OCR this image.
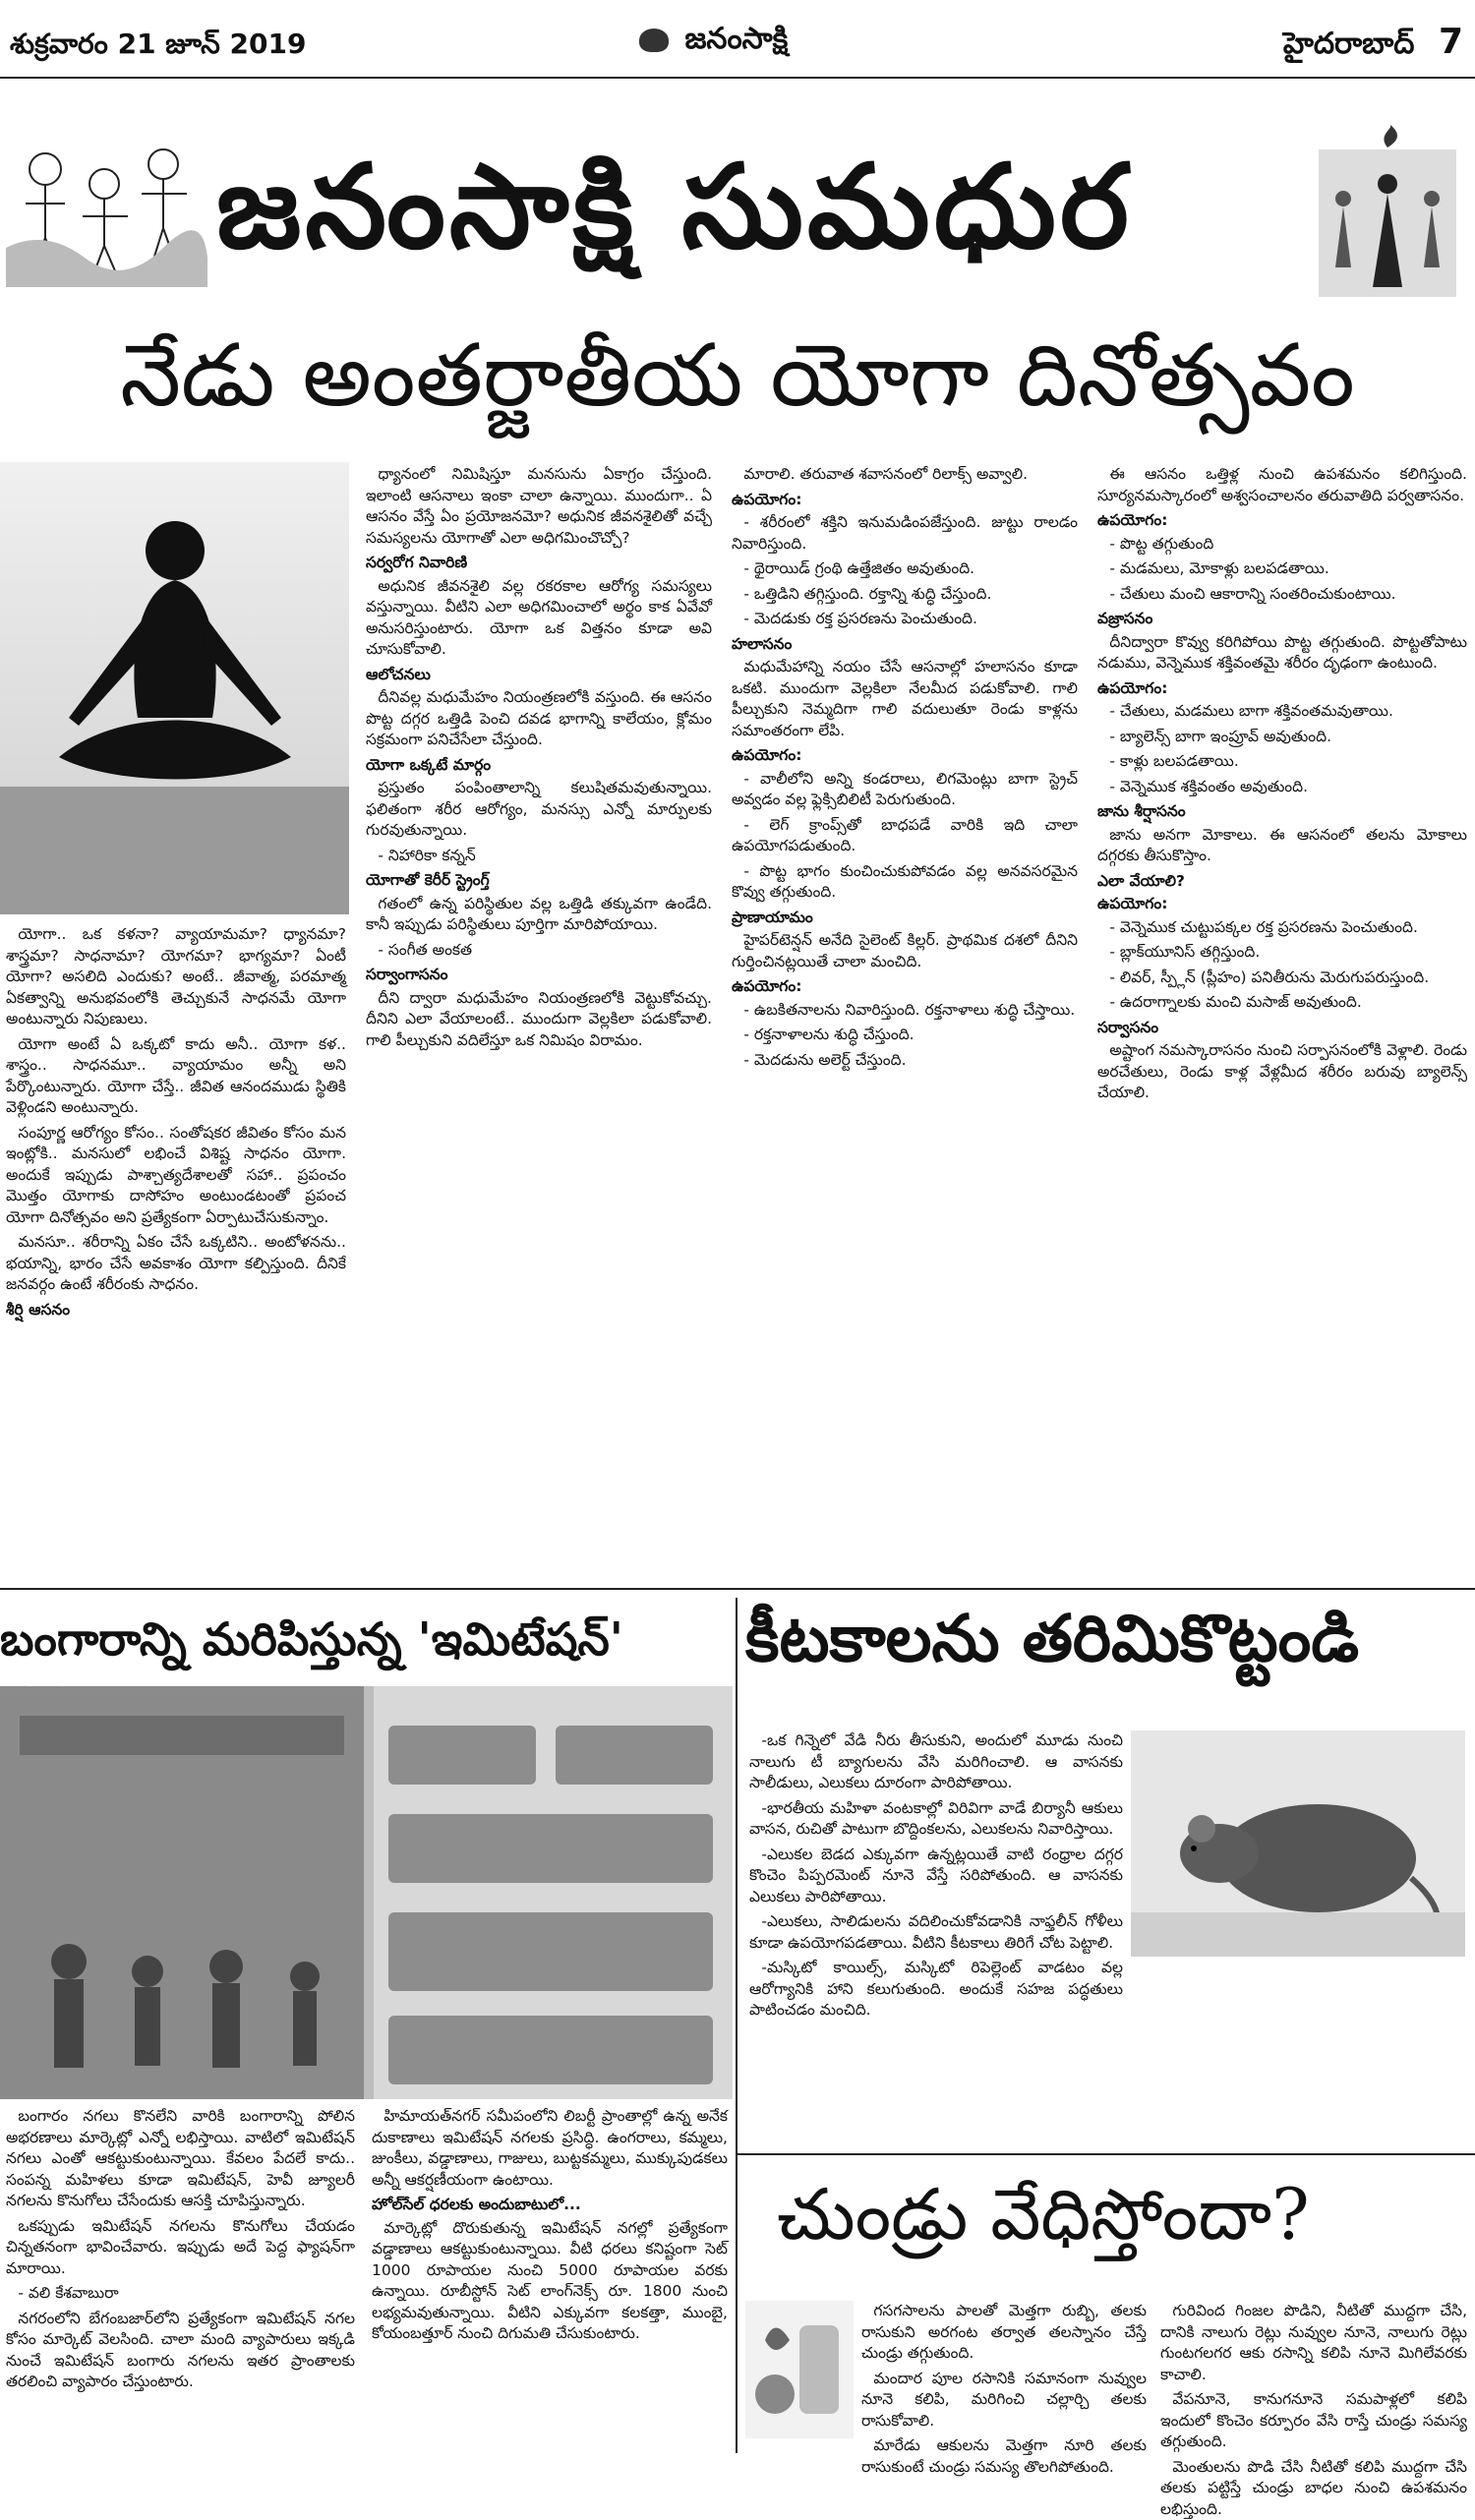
శుక్రవారం 21 జూన్ 2019	జనంసాక్షి	హైదరాబాద్ 7
జనంసాక్షి సుమధుర
నేడు అంతర్జాతీయ యోగా దినోత్సవం

యోగా.. ఒక కళనా? వ్యాయామమా? ధ్యానమా? శాస్త్రమా? సాధనామా? యోగమా? భాగ్యమా? ఏంటీ యోగా? అసలిది ఎందుకు? అంటే.. జీవాత్మ, పరమాత్మ ఏకత్వాన్ని అనుభవంలోకి తెచ్చుకునే సాధనమే యోగా అంటున్నారు నిపుణులు.

యోగా అంటే ఏ ఒక్కటో కాదు అనీ.. యోగా కళ.. శాస్త్రం.. సాధనమూ.. వ్యాయామం అన్నీ అని పేర్కొంటున్నారు. యోగా చేస్తే.. జీవిత ఆనందముడు స్థితికి వెళ్లిండని అంటున్నారు.

సంపూర్ణ ఆరోగ్యం కోసం.. సంతోషకర జీవితం కోసం మన ఇంట్లోకి.. మనసులో లభించే విశిష్ట సాధనం యోగా. అందుకే ఇప్పుడు పాశ్చాత్యదేశాలతో సహా.. ప్రపంచం మొత్తం యోగాకు దాసోహం అంటుండటంతో ప్రపంచ యోగా దినోత్సవం అని ప్రత్యేకంగా ఏర్పాటుచేసుకున్నాం.

మనసూ.. శరీరాన్ని ఏకం చేసే ఒక్కటిని.. అంటోళనను.. భయాన్ని, భారం చేసే అవకాశం యోగా కల్పిస్తుంది. దీనికే జనవర్గం ఉంటే శరీరంకు సాధనం.

శీర్షి ఆసనం

ధ్యానంలో నిమిషిస్తూ మనసును ఏకాగ్రం చేస్తుంది. ఇలాంటి ఆసనాలు ఇంకా చాలా ఉన్నాయి. ముందుగా.. ఏ ఆసనం వేస్తే ఏం ప్రయోజనమో? అధునిక జీవనశైలితో వచ్చే సమస్యలను యోగాతో ఎలా అధిగమించొచ్చో?

సర్వరోగ నివారిణి

అధునిక జీవనశైలి వల్ల రకరకాల ఆరోగ్య సమస్యలు వస్తున్నాయి. వీటిని ఎలా అధిగమించాలో అర్థం కాక ఏవేవో అనుసరిస్తుంటారు. యోగా ఒక విత్తనం కూడా అవి చూసుకోవాలి.

ఆలోచనలు

దీనివల్ల మధుమేహం నియంత్రణలోకి వస్తుంది. ఈ ఆసనం పొట్ట దగ్గర ఒత్తిడి పెంచి దవడ భాగాన్ని కాలేయం, క్లోమం సక్రమంగా పనిచేసేలా చేస్తుంది.

యోగా ఒక్కటే మార్గం

ప్రస్తుతం పంపింతాలాన్ని కలుషితమవుతున్నాయి. ఫలితంగా శరీర ఆరోగ్యం, మనస్సు ఎన్నో మార్పులకు గురవుతున్నాయి.

- నిహారికా కన్నన్

యోగాతో కెరీర్ స్ట్రెంగ్త్

గతంలో ఉన్న పరిస్థితుల వల్ల ఒత్తిడి తక్కువగా ఉండేది. కానీ ఇప్పుడు పరిస్థితులు పూర్తిగా మారిపోయాయి.

- సంగీత అంకత

సర్వాంగాసనం

దీని ద్వారా మధుమేహం నియంత్రణలోకి వెట్టుకోవచ్చు. దీనిని ఎలా వేయాలంటే.. ముందుగా వెల్లకిలా పడుకోవాలి. గాలి పీల్చుకుని వదిలేస్తూ ఒక నిమిషం విరామం.

మారాలి. తరువాత శవాసనంలో రిలాక్స్ అవ్వాలి.

ఉపయోగం:

- శరీరంలో శక్తిని ఇనుమడింపజేస్తుంది. జుట్టు రాలడం నివారిస్తుంది.

- థైరాయిడ్ గ్రంథి ఉత్తేజితం అవుతుంది.

- ఒత్తిడిని తగ్గిస్తుంది. రక్తాన్ని శుద్ధి చేస్తుంది.

- మెదడుకు రక్త ప్రసరణను పెంచుతుంది.

హలాసనం

మధుమేహాన్ని నయం చేసే ఆసనాల్లో హలాసనం కూడా ఒకటి. ముందుగా వెల్లకిలా నేలమీద పడుకోవాలి. గాలి పీల్చుకుని నెమ్మదిగా గాలి వదులుతూ రెండు కాళ్లను సమాంతరంగా లేపి.

ఉపయోగం:

- వాలీలోని అన్ని కండరాలు, లిగమెంట్లు బాగా స్ట్రెచ్ అవ్వడం వల్ల ఫ్లెక్సిబిలిటీ పెరుగుతుంది.

- లెగ్ క్రాంప్స్‌తో బాధపడే వారికి ఇది చాలా ఉపయోగపడుతుంది.

- పొట్ట భాగం కుంచించుకుపోవడం వల్ల అనవసరమైన కొవ్వు తగ్గుతుంది.

ప్రాణాయామం

హైపర్‌టెన్షన్ అనేది సైలెంట్ కిల్లర్. ప్రాథమిక దశలో దీనిని గుర్తించినట్లయితే చాలా మంచిది.

ఉపయోగం:

- ఉబకితనాలను నివారిస్తుంది. రక్తనాళాలు శుద్ధి చేస్తాయి.

- రక్తనాళాలను శుద్ధి చేస్తుంది.

- మెదడును అలెర్ట్ చేస్తుంది.

ఈ ఆసనం ఒత్తిళ్ల నుంచి ఉపశమనం కలిగిస్తుంది. సూర్యనమస్కారంలో అశ్వసంచాలనం తరువాతిది పర్వతాసనం.

ఉపయోగం:

- పొట్ట తగ్గుతుంది

- మడమలు, మోకాళ్లు బలపడతాయి.

- చేతులు మంచి ఆకారాన్ని సంతరించుకుంటాయి.

వజ్రాసనం

దీనిద్వారా కొవ్వు కరిగిపోయి పొట్ట తగ్గుతుంది. పొట్టతోపాటు నడుము, వెన్నెముక శక్తివంతమై శరీరం దృఢంగా ఉంటుంది.

ఉపయోగం:

- చేతులు, మడమలు బాగా శక్తివంతమవుతాయి.

- బ్యాలెన్స్ బాగా ఇంప్రూవ్ అవుతుంది.

- కాళ్లు బలపడతాయి.

- వెన్నెముక శక్తివంతం అవుతుంది.

జాను శీర్షాసనం

జాను అనగా మోకాలు. ఈ ఆసనంలో తలను మోకాలు దగ్గరకు తీసుకొస్తాం.

ఎలా వేయాలి?

ఉపయోగం:

- వెన్నెముక చుట్టుపక్కల రక్త ప్రసరణను పెంచుతుంది.

- బ్లాక్‌యూనిస్ తగ్గిస్తుంది.

- లివర్, స్ప్లీన్ (ప్లీహం) పనితీరును మెరుగుపరుస్తుంది.

- ఉదరాగ్నాలకు మంచి మసాజ్ అవుతుంది.

సర్వాసనం

అష్టాంగ నమస్కారాసనం నుంచి సర్పాసనంలోకి వెళ్లాలి. రెండు అరచేతులు, రెండు కాళ్ల వేళ్లమీద శరీరం బరువు బ్యాలెన్స్ చేయాలి.

బంగారాన్ని మరిపిస్తున్న 'ఇమిటేషన్'

బంగారం నగలు కొనలేని వారికి బంగారాన్ని పోలిన అభరణాలు మార్కెట్లో ఎన్నో లభిస్తాయి. వాటిలో ఇమిటేషన్ నగలు ఎంతో ఆకట్టుకుంటున్నాయి. కేవలం పేదలే కాదు.. సంపన్న మహిళలు కూడా ఇమిటేషన్, హెవీ జ్యూలరీ నగలను కొనుగోలు చేసేందుకు ఆసక్తి చూపిస్తున్నారు.

ఒకప్పుడు ఇమిటేషన్ నగలను కొనుగోలు చేయడం చిన్నతనంగా భావించేవారు. ఇప్పుడు అదే పెద్ద ఫ్యాషన్‌గా మారాయి.

- వలి కేశవాబురా

నగరంలోని బేగంబజార్‌లోని ప్రత్యేకంగా ఇమిటేషన్ నగల కోసం మార్కెట్ వెలసింది. చాలా మంది వ్యాపారులు ఇక్కడి నుంచే ఇమిటేషన్ బంగారు నగలను ఇతర ప్రాంతాలకు తరలించి వ్యాపారం చేస్తుంటారు.

హిమాయత్‌నగర్ సమీపంలోని లిబర్టీ ప్రాంతాల్లో ఉన్న అనేక దుకాణాలు ఇమిటేషన్ నగలకు ప్రసిద్ధి. ఉంగరాలు, కమ్మలు, జుంకీలు, వడ్డాణాలు, గాజులు, బుట్టకమ్మలు, ముక్కుపుడకలు అన్నీ ఆకర్షణీయంగా ఉంటాయి.

హోల్‌సేల్ ధరలకు అందుబాటులో...

మార్కెట్లో దొరుకుతున్న ఇమిటేషన్ నగల్లో ప్రత్యేకంగా వడ్డాణాలు ఆకట్టుకుంటున్నాయి. వీటి ధరలు కనిష్టంగా సెట్ 1000 రూపాయల నుంచి 5000 రూపాయల వరకు ఉన్నాయి. రూబీస్టోన్ సెట్ లాంగ్‌నెక్స్ రూ. 1800 నుంచి లభ్యమవుతున్నాయి. వీటిని ఎక్కువగా కలకత్తా, ముంబై, కోయంబత్తూర్ నుంచి దిగుమతి చేసుకుంటారు.

కీటకాలను తరిమికొట్టండి

-ఒక గిన్నెలో వేడి నీరు తీసుకుని, అందులో మూడు నుంచి నాలుగు టీ బ్యాగులను వేసి మరిగించాలి. ఆ వాసనకు సాలీడులు, ఎలుకలు దూరంగా పారిపోతాయి.

-భారతీయ మహిళా వంటకాల్లో విరివిగా వాడే బిర్యానీ ఆకులు వాసన, రుచితో పాటుగా బొద్దింకలను, ఎలుకలను నివారిస్తాయి.

-ఎలుకల బెడద ఎక్కువగా ఉన్నట్లయితే వాటి రంధ్రాల దగ్గర కొంచెం పిప్పరమెంట్ నూనె వేస్తే సరిపోతుంది. ఆ వాసనకు ఎలుకలు పారిపోతాయి.

-ఎలుకలు, సాలిడులను వదిలించుకోవడానికి నాఫ్తలీన్ గోళీలు కూడా ఉపయోగపడతాయి. వీటిని కీటకాలు తిరిగే చోట పెట్టాలి.

-మస్కిటో కాయిల్స్, మస్కిటో రిపెల్లెంట్ వాడటం వల్ల ఆరోగ్యానికి హాని కలుగుతుంది. అందుకే సహజ పద్ధతులు పాటించడం మంచిది.

చుండ్రు వేధిస్తోందా?

గసగసాలను పాలతో మెత్తగా రుబ్బి, తలకు రాసుకుని అరగంట తర్వాత తలస్నానం చేస్తే చుండ్రు తగ్గుతుంది.

మందార పూల రసానికి సమానంగా నువ్వుల నూనె కలిపి, మరిగించి చల్లార్చి తలకు రాసుకోవాలి.

మారేడు ఆకులను మెత్తగా నూరి తలకు రాసుకుంటే చుండ్రు సమస్య తొలగిపోతుంది.

గురివింద గింజల పొడిని, నీటితో ముద్దగా చేసి, దానికి నాలుగు రెట్లు నువ్వుల నూనె, నాలుగు రెట్లు గుంటగలగర ఆకు రసాన్ని కలిపి నూనె మిగిలేవరకు కాచాలి.

వేపనూనె, కానుగనూనె సమపాళ్లలో కలిపి ఇందులో కొంచెం కర్పూరం వేసి రాస్తే చుండ్రు సమస్య తగ్గుతుంది.

మెంతులను పొడి చేసి నీటితో కలిపి ముద్దగా చేసి తలకు పట్టిస్తే చుండ్రు బాధల నుంచి ఉపశమనం లభిస్తుంది.
